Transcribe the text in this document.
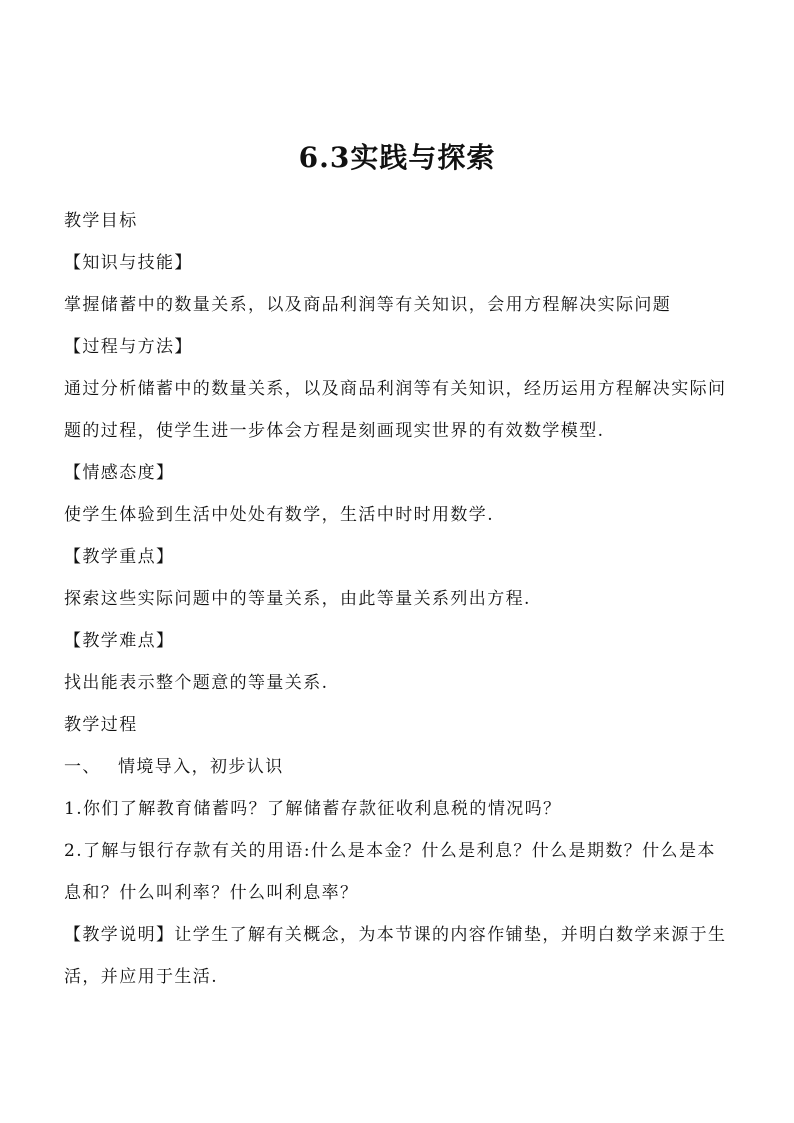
6.3实践与探索

教学目标

【知识与技能】

掌握储蓄中的数量关系，以及商品利润等有关知识，会用方程解决实际问题

【过程与方法】

通过分析储蓄中的数量关系，以及商品利润等有关知识，经历运用方程解决实际问

题的过程，使学生进一步体会方程是刻画现实世界的有效数学模型.

【情感态度】

使学生体验到生活中处处有数学，生活中时时用数学.

【教学重点】

探索这些实际问题中的等量关系，由此等量关系列出方程.

【教学难点】

找出能表示整个题意的等量关系.

教学过程

一、 情境导入，初步认识

1.你们了解教育储蓄吗？了解储蓄存款征收利息税的情况吗？

2.了解与银行存款有关的用语:什么是本金？什么是利息？什么是期数？什么是本

息和？什么叫利率？什么叫利息率？

【教学说明】让学生了解有关概念，为本节课的内容作铺垫，并明白数学来源于生

活，并应用于生活.
